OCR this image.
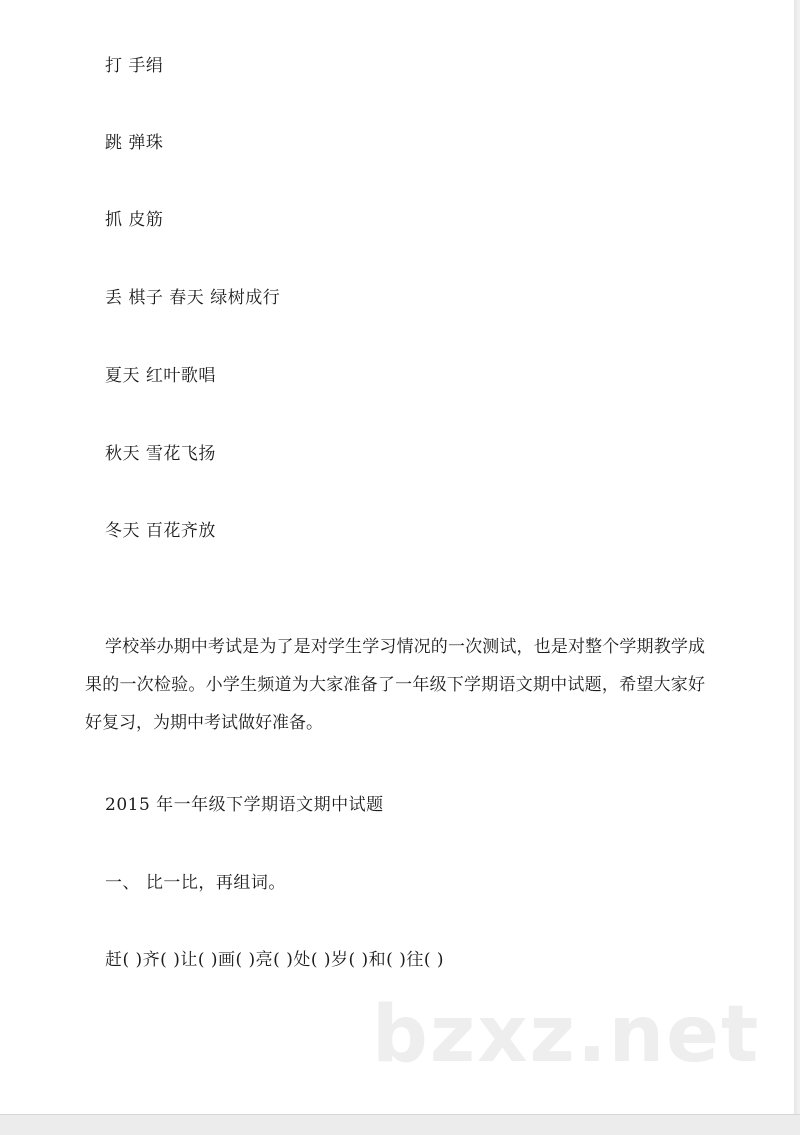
打 手绢
跳 弹珠
抓 皮筋
丢 棋子 春天 绿树成行
夏天 红叶歌唱
秋天 雪花飞扬
冬天 百花齐放
学校举办期中考试是为了是对学生学习情况的一次测试，也是对整个学期教学成果的一次检验。小学生频道为大家准备了一年级下学期语文期中试题，希望大家好好复习，为期中考试做好准备。
2015 年一年级下学期语文期中试题
一、 比一比，再组词。
赶( )齐( )让( )画( )亮( )处( )岁( )和( )往( )
bzxz.net
